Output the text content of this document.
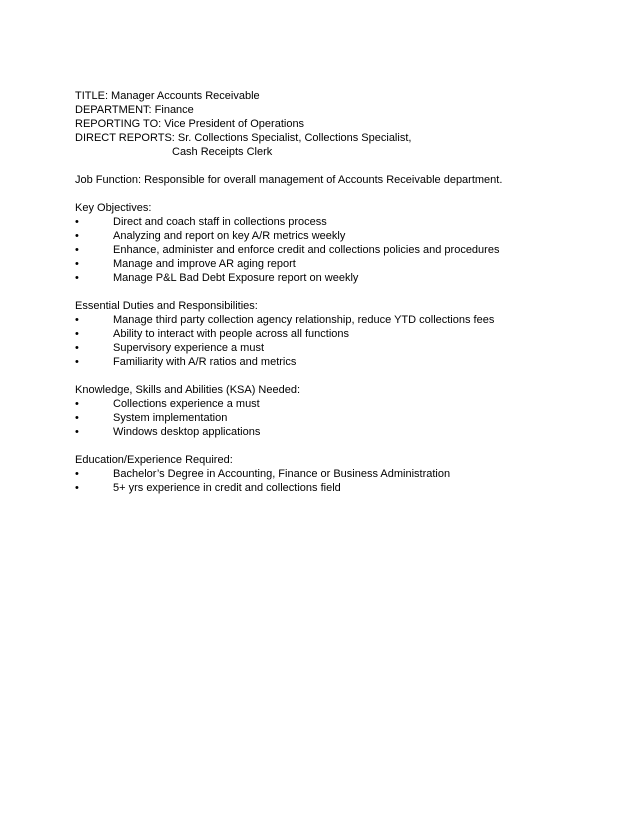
TITLE: Manager Accounts Receivable
DEPARTMENT: Finance
REPORTING TO: Vice President of Operations
DIRECT REPORTS: Sr. Collections Specialist, Collections Specialist,
Cash Receipts Clerk
Job Function: Responsible for overall management of Accounts Receivable department.
Key Objectives:
•	Direct and coach staff in collections process
•	Analyzing and report on key A/R metrics weekly
•	Enhance, administer and enforce credit and collections policies and procedures
•	Manage and improve AR aging report
•	Manage P&L Bad Debt Exposure report on weekly
Essential Duties and Responsibilities:
•	Manage third party collection agency relationship, reduce YTD collections fees
•	Ability to interact with people across all functions
•	Supervisory experience a must
•	Familiarity with A/R ratios and metrics
Knowledge, Skills and Abilities (KSA) Needed:
•	Collections experience a must
•	System implementation
•	Windows desktop applications
Education/Experience Required:
•	Bachelor’s Degree in Accounting, Finance or Business Administration
•	5+ yrs experience in credit and collections field
